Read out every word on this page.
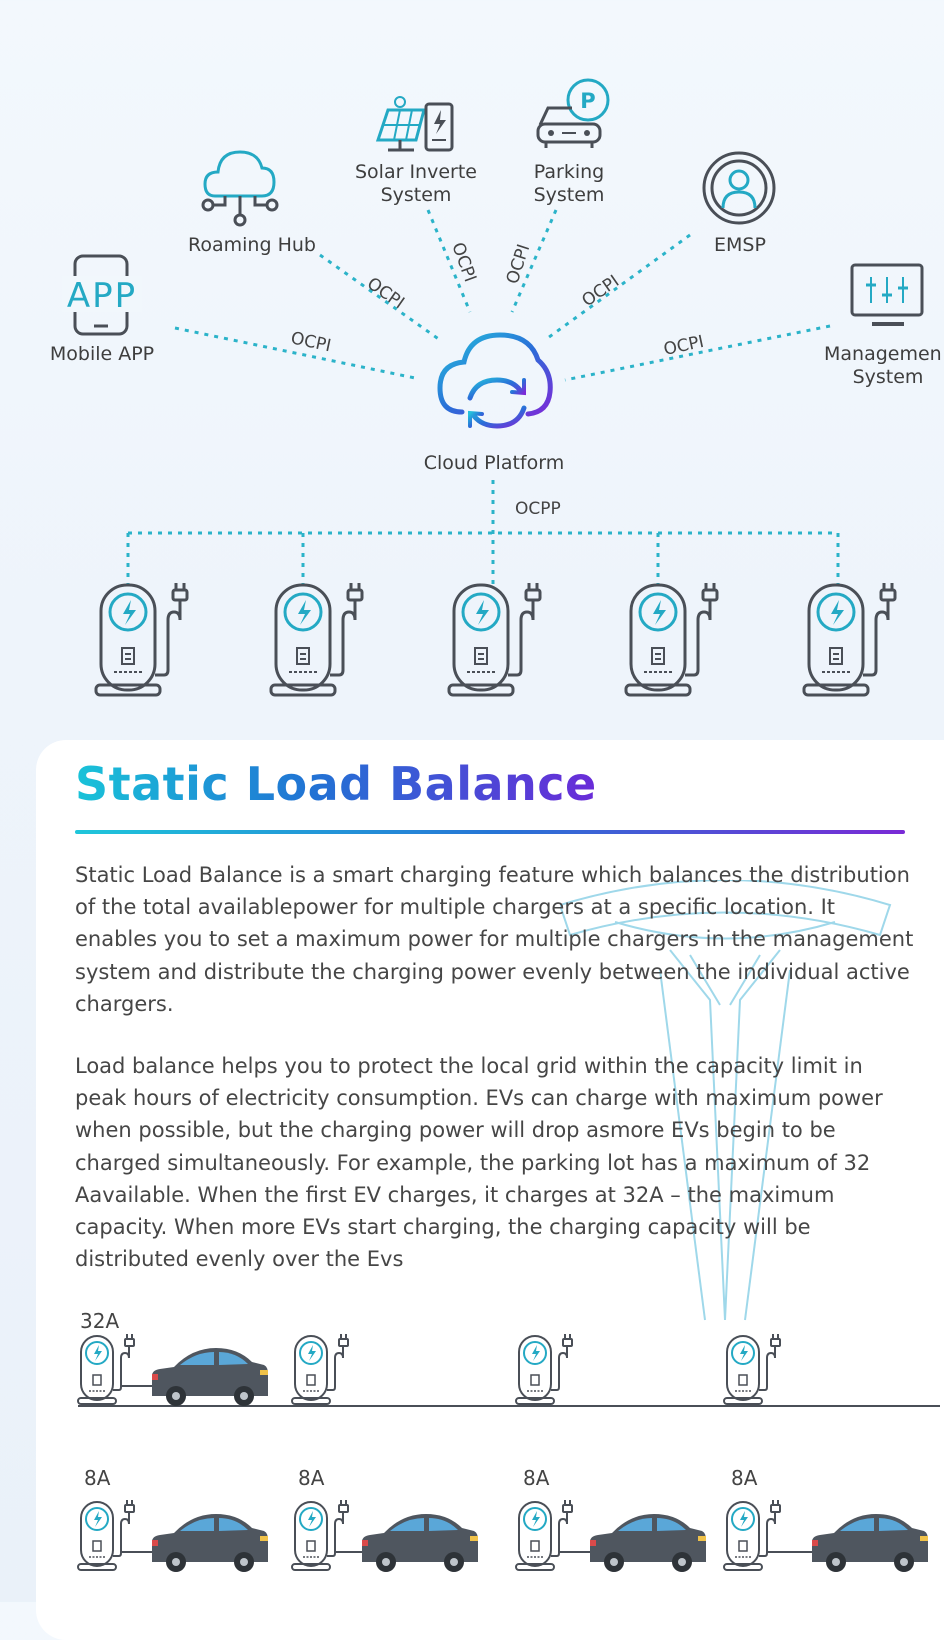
OCPI
OCPI
OCPI OCPI
OCPI
OCPI
OCPP
APP
Mobile APP
Roaming Hub
Solar Inverte
System
P
Parking
System
EMSP
Managemen
System
Cloud Platform
Static Load Balance

Static Load Balance is a smart charging feature which balances the distribution of the total availablepower for multiple chargers at a specific location. It enables you to set a maximum power for multiple chargers in the management system and distribute the charging power evenly between the individual active chargers.

Load balance helps you to protect the local grid within the capacity limit in peak hours of electricity consumption. EVs can charge with maximum power when possible, but the charging power will drop asmore EVs begin to be charged simultaneously. For example, the parking lot has a maximum of 32 Aavailable. When the first EV charges, it charges at 32A – the maximum capacity. When more EVs start charging, the charging capacity will be distributed evenly over the Evs

32A
8A	8A	8A	8A
